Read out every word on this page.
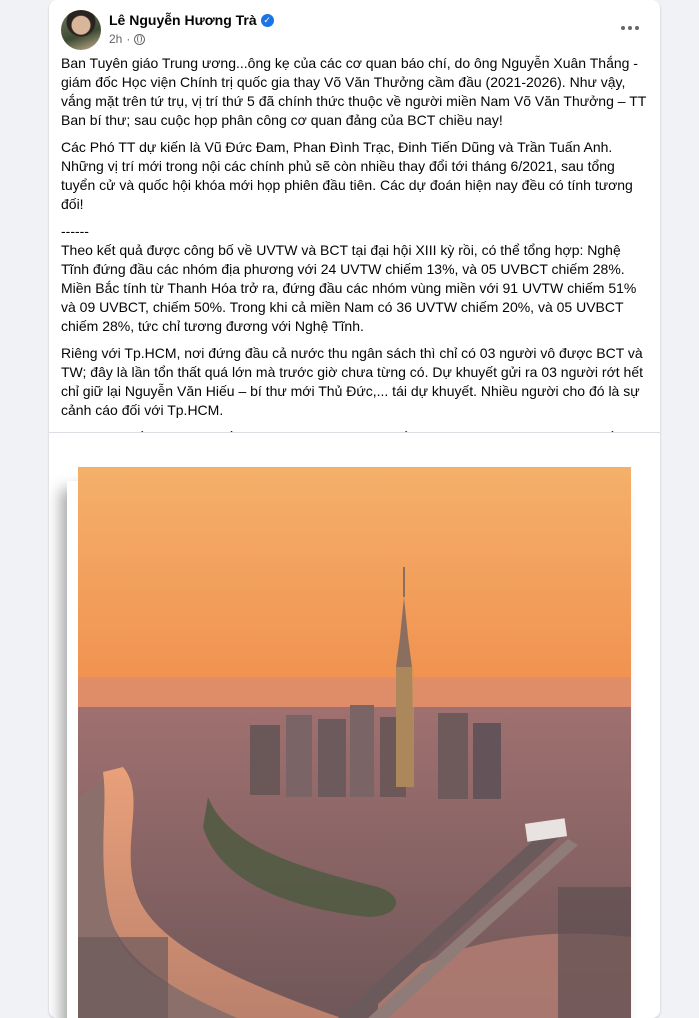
Lê Nguyễn Hương Trà ✓
2h ·

Ban Tuyên giáo Trung ương...ông kẹ của các cơ quan báo chí, do ông Nguyễn Xuân Thắng - giám đốc Học viện Chính trị quốc gia thay Võ Văn Thưởng cầm đầu (2021-2026). Như vậy, vắng mặt trên tứ trụ, vị trí thứ 5 đã chính thức thuộc về người miền Nam Võ Văn Thưởng – TT Ban bí thư; sau cuộc họp phân công cơ quan đảng của BCT chiều nay!

Các Phó TT dự kiến là Vũ Đức Đam, Phan Đình Trạc, Đinh Tiến Dũng và Trần Tuấn Anh. Những vị trí mới trong nội các chính phủ sẽ còn nhiều thay đổi tới tháng 6/2021, sau tổng tuyển cử và quốc hội khóa mới họp phiên đầu tiên. Các dự đoán hiện nay đều có tính tương đối!

------

Theo kết quả được công bố về UVTW và BCT tại đại hội XIII kỳ rồi, có thể tổng hợp: Nghệ Tĩnh đứng đầu các nhóm địa phương với 24 UVTW chiếm 13%, và 05 UVBCT chiếm 28%. Miền Bắc tính từ Thanh Hóa trở ra, đứng đầu các nhóm vùng miền với 91 UVTW chiếm 51% và 09 UVBCT, chiếm 50%. Trong khi cả miền Nam có 36 UVTW chiếm 20%, và 05 UVBCT chiếm 28%, tức chỉ tương đương với Nghệ Tĩnh.

Riêng với Tp.HCM, nơi đứng đầu cả nước thu ngân sách thì chỉ có 03 người vô được BCT và TW; đây là lần tổn thất quá lớn mà trước giờ chưa từng có. Dự khuyết gửi ra 03 người rớt hết chỉ giữ lại Nguyễn Văn Hiếu – bí thư mới Thủ Đức,... tái dự khuyết. Nhiều người cho đó là sự cảnh cáo đối với Tp.HCM.
